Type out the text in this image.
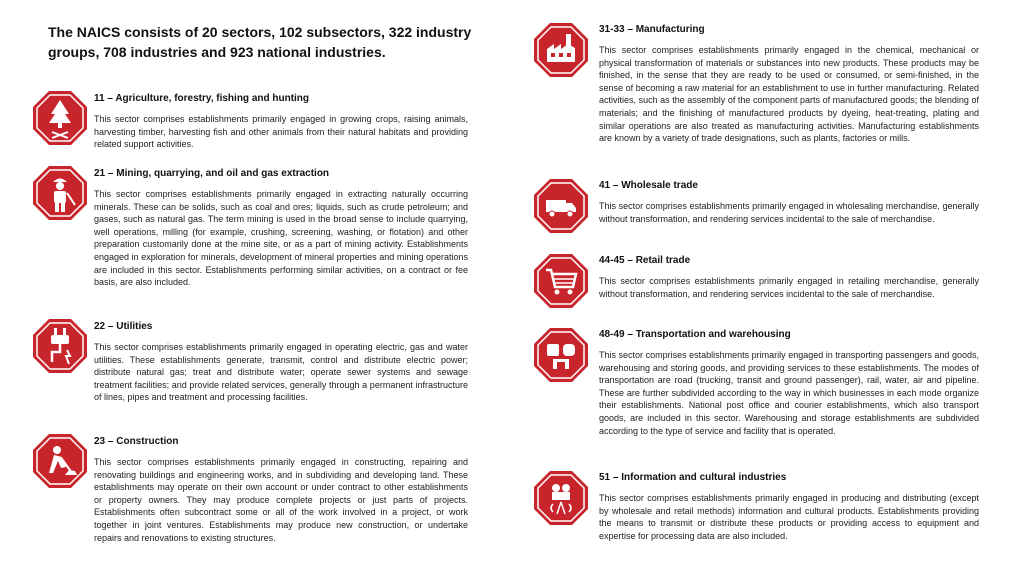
The NAICS consists of 20 sectors, 102 subsectors, 322 industry groups, 708 industries and 923 national industries.
11 – Agriculture, forestry, fishing and hunting
This sector comprises establishments primarily engaged in growing crops, raising animals, harvesting timber, harvesting fish and other animals from their natural habitats and providing related support activities.
21 – Mining, quarrying, and oil and gas extraction
This sector comprises establishments primarily engaged in extracting naturally occurring minerals. These can be solids, such as coal and ores; liquids, such as crude petroleum; and gases, such as natural gas. The term mining is used in the broad sense to include quarrying, well operations, milling (for example, crushing, screening, washing, or flotation) and other preparation customarily done at the mine site, or as a part of mining activity. Establishments engaged in exploration for minerals, development of mineral properties and mining operations are included in this sector. Establishments performing similar activities, on a contract or fee basis, are also included.
22 – Utilities
This sector comprises establishments primarily engaged in operating electric, gas and water utilities. These establishments generate, transmit, control and distribute electric power; distribute natural gas; treat and distribute water; operate sewer systems and sewage treatment facilities; and provide related services, generally through a permanent infrastructure of lines, pipes and treatment and processing facilities.
23 – Construction
This sector comprises establishments primarily engaged in constructing, repairing and renovating buildings and engineering works, and in subdividing and developing land. These establishments may operate on their own account or under contract to other establishments or property owners. They may produce complete projects or just parts of projects. Establishments often subcontract some or all of the work involved in a project, or work together in joint ventures. Establishments may produce new construction, or undertake repairs and renovations to existing structures.
31-33 – Manufacturing
This sector comprises establishments primarily engaged in the chemical, mechanical or physical transformation of materials or substances into new products. These products may be finished, in the sense that they are ready to be used or consumed, or semi-finished, in the sense of becoming a raw material for an establishment to use in further manufacturing. Related activities, such as the assembly of the component parts of manufactured goods; the blending of materials; and the finishing of manufactured products by dyeing, heat-treating, plating and similar operations are also treated as manufacturing activities. Manufacturing establishments are known by a variety of trade designations, such as plants, factories or mills.
41 – Wholesale trade
This sector comprises establishments primarily engaged in wholesaling merchandise, generally without transformation, and rendering services incidental to the sale of merchandise.
44-45 – Retail trade
This sector comprises establishments primarily engaged in retailing merchandise, generally without transformation, and rendering services incidental to the sale of merchandise.
48-49 – Transportation and warehousing
This sector comprises establishments primarily engaged in transporting passengers and goods, warehousing and storing goods, and providing services to these establishments. The modes of transportation are road (trucking, transit and ground passenger), rail, water, air and pipeline. These are further subdivided according to the way in which businesses in each mode organize their establishments. National post office and courier establishments, which also transport goods, are included in this sector. Warehousing and storage establishments are subdivided according to the type of service and facility that is operated.
51 – Information and cultural industries
This sector comprises establishments primarily engaged in producing and distributing (except by wholesale and retail methods) information and cultural products. Establishments providing the means to transmit or distribute these products or providing access to equipment and expertise for processing data are also included.
